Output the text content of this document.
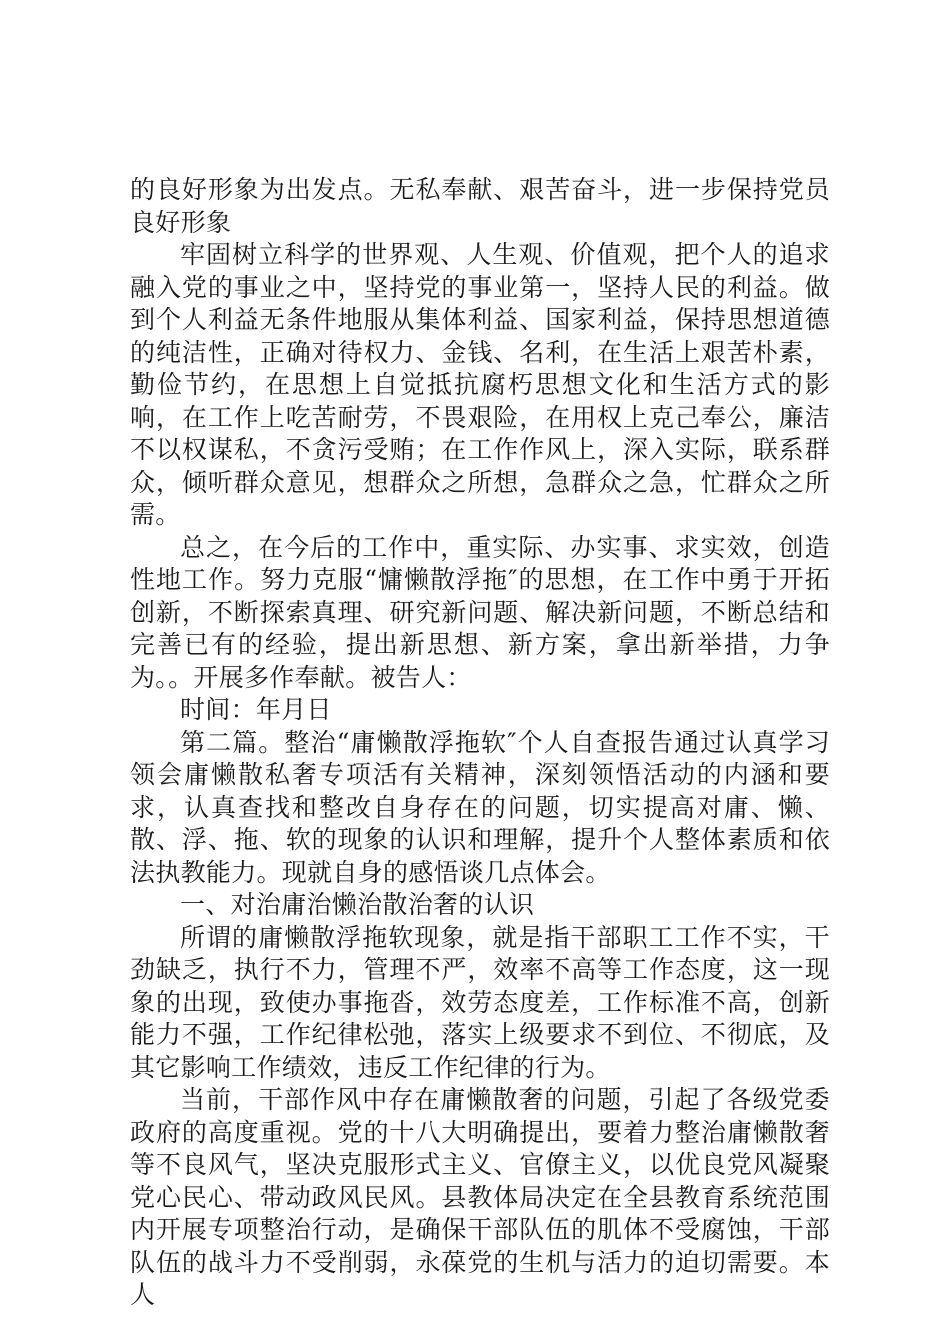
的良好形象为出发点。无私奉献、艰苦奋斗，进一步保持党员良好形象

牢固树立科学的世界观、人生观、价值观，把个人的追求融入党的事业之中，坚持党的事业第一，坚持人民的利益。做到个人利益无条件地服从集体利益、国家利益，保持思想道德的纯洁性，正确对待权力、金钱、名利，在生活上艰苦朴素，勤俭节约，在思想上自觉抵抗腐朽思想文化和生活方式的影响，在工作上吃苦耐劳，不畏艰险，在用权上克己奉公，廉洁不以权谋私，不贪污受贿；在工作作风上，深入实际，联系群众，倾听群众意见，想群众之所想，急群众之急，忙群众之所需。

总之，在今后的工作中，重实际、办实事、求实效，创造性地工作。努力克服“慵懒散浮拖″的思想，在工作中勇于开拓创新，不断探索真理、研究新问题、解决新问题，不断总结和完善已有的经验，提出新思想、新方案，拿出新举措，力争为。。开展多作奉献。被告人：

时间：年月日

第二篇。整治“庸懒散浮拖软″个人自查报告通过认真学习领会庸懒散私奢专项活有关精神，深刻领悟活动的内涵和要求，认真查找和整改自身存在的问题，切实提高对庸、懒、散、浮、拖、软的现象的认识和理解，提升个人整体素质和依法执教能力。现就自身的感悟谈几点体会。

一、对治庸治懒治散治奢的认识

所谓的庸懒散浮拖软现象，就是指干部职工工作不实，干劲缺乏，执行不力，管理不严，效率不高等工作态度，这一现象的出现，致使办事拖沓，效劳态度差，工作标准不高，创新能力不强，工作纪律松弛，落实上级要求不到位、不彻底，及其它影响工作绩效，违反工作纪律的行为。

当前，干部作风中存在庸懒散奢的问题，引起了各级党委政府的高度重视。党的十八大明确提出，要着力整治庸懒散奢等不良风气，坚决克服形式主义、官僚主义，以优良党风凝聚党心民心、带动政风民风。县教体局决定在全县教育系统范围内开展专项整治行动，是确保干部队伍的肌体不受腐蚀，干部队伍的战斗力不受削弱，永葆党的生机与活力的迫切需要。本人
